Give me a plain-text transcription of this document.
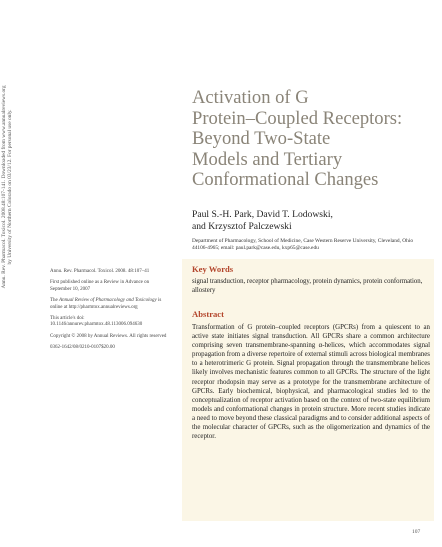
Annu. Rev. Pharmacol. Toxicol. 2008.48:107-141. Downloaded from www.annualreviews.org by University of Northern Colorado on 03/23/12. For personal use only.
Activation of G
Protein–Coupled Receptors:
Beyond Two-State
Models and Tertiary
Conformational Changes
Paul S.-H. Park, David T. Lodowski,
and Krzysztof Palczewski
Department of Pharmacology, School of Medicine, Case Western Reserve University, Cleveland, Ohio 44106-4965; email: paul.park@case.edu, kxp65@case.edu

Annu. Rev. Pharmacol. Toxicol. 2008. 48:107–41

First published online as a Review in Advance on September 10, 2007

The Annual Review of Pharmacology and Toxicology is online at http://pharmtox.annualreviews.org

This article's doi: 10.1146/annurev.pharmtox.48.113006.094630

Copyright © 2008 by Annual Reviews. All rights reserved

0362-1642/08/0210-0107$20.00

Key Words
signal transduction, receptor pharmacology, protein dynamics, protein conformation, allostery
Abstract
Transformation of G protein–coupled receptors (GPCRs) from a quiescent to an active state initiates signal transduction. All GPCRs share a common architecture comprising seven transmembrane-spanning α-helices, which accommodates signal propagation from a diverse repertoire of external stimuli across biological membranes to a heterotrimeric G protein. Signal propagation through the transmembrane helices likely involves mechanistic features common to all GPCRs. The structure of the light receptor rhodopsin may serve as a prototype for the transmembrane architecture of GPCRs. Early biochemical, biophysical, and pharmacological studies led to the conceptualization of receptor activation based on the context of two-state equilibrium models and conformational changes in protein structure. More recent studies indicate a need to move beyond these classical paradigms and to consider additional aspects of the molecular character of GPCRs, such as the oligomerization and dynamics of the receptor.
107
